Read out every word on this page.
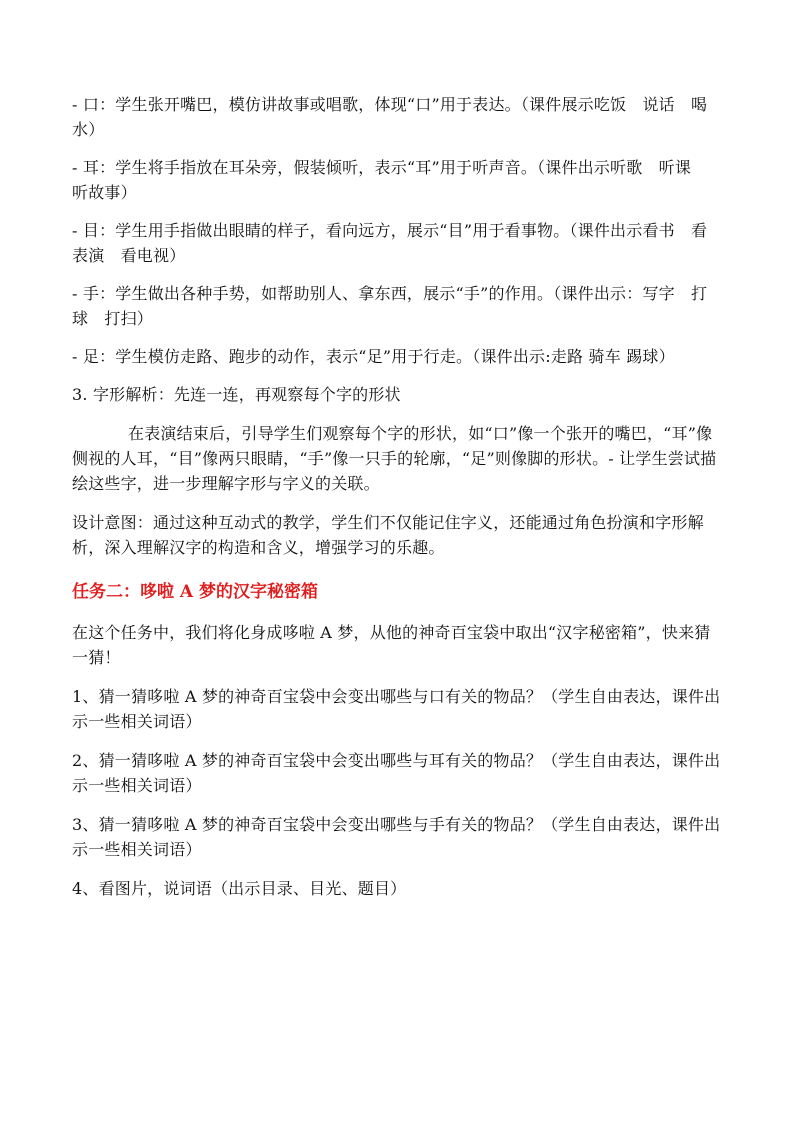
- 口：学生张开嘴巴，模仿讲故事或唱歌，体现“口”用于表达。（课件展示吃饭　说话　喝水）

- 耳：学生将手指放在耳朵旁，假装倾听，表示“耳”用于听声音。（课件出示听歌　听课　听故事）

- 目：学生用手指做出眼睛的样子，看向远方，展示“目”用于看事物。（课件出示看书　看表演　看电视）

- 手：学生做出各种手势，如帮助别人、拿东西，展示“手”的作用。（课件出示：写字　打球　打扫）

- 足：学生模仿走路、跑步的动作，表示“足”用于行走。（课件出示:走路 骑车 踢球）

3. 字形解析：先连一连，再观察每个字的形状

在表演结束后，引导学生们观察每个字的形状，如“口”像一个张开的嘴巴，“耳”像侧视的人耳，“目”像两只眼睛，“手”像一只手的轮廓，“足”则像脚的形状。- 让学生尝试描绘这些字，进一步理解字形与字义的关联。

设计意图：通过这种互动式的教学，学生们不仅能记住字义，还能通过角色扮演和字形解析，深入理解汉字的构造和含义，增强学习的乐趣。

任务二：哆啦 A 梦的汉字秘密箱

在这个任务中，我们将化身成哆啦 A 梦，从他的神奇百宝袋中取出“汉字秘密箱”，快来猜一猜！

1、猜一猜哆啦 A 梦的神奇百宝袋中会变出哪些与口有关的物品？（学生自由表达，课件出示一些相关词语）

2、猜一猜哆啦 A 梦的神奇百宝袋中会变出哪些与耳有关的物品？（学生自由表达，课件出示一些相关词语）

3、猜一猜哆啦 A 梦的神奇百宝袋中会变出哪些与手有关的物品？（学生自由表达，课件出示一些相关词语）

4、看图片，说词语（出示目录、目光、题目）
